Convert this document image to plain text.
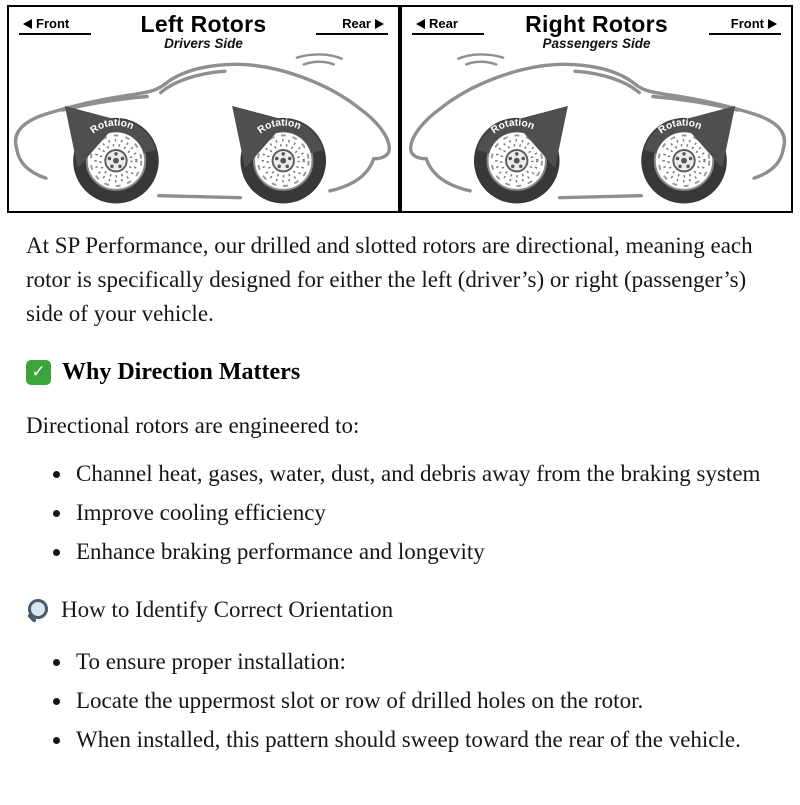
Front	Rear
Left Rotors
Drivers Side
Rotation	Rotation
Rear	Front
Right Rotors
Passengers Side
Rotation	Rotation

At SP Performance, our drilled and slotted rotors are directional, meaning each rotor is specifically designed for either the left (driver’s) or right (passenger’s) side of your vehicle.

✓
Why Direction Matters

Directional rotors are engineered to:

• Channel heat, gases, water, dust, and debris away from the braking system
• Improve cooling efficiency
• Enhance braking performance and longevity
How to Identify Correct Orientation
• To ensure proper installation:
• Locate the uppermost slot or row of drilled holes on the rotor.
• When installed, this pattern should sweep toward the rear of the vehicle.
